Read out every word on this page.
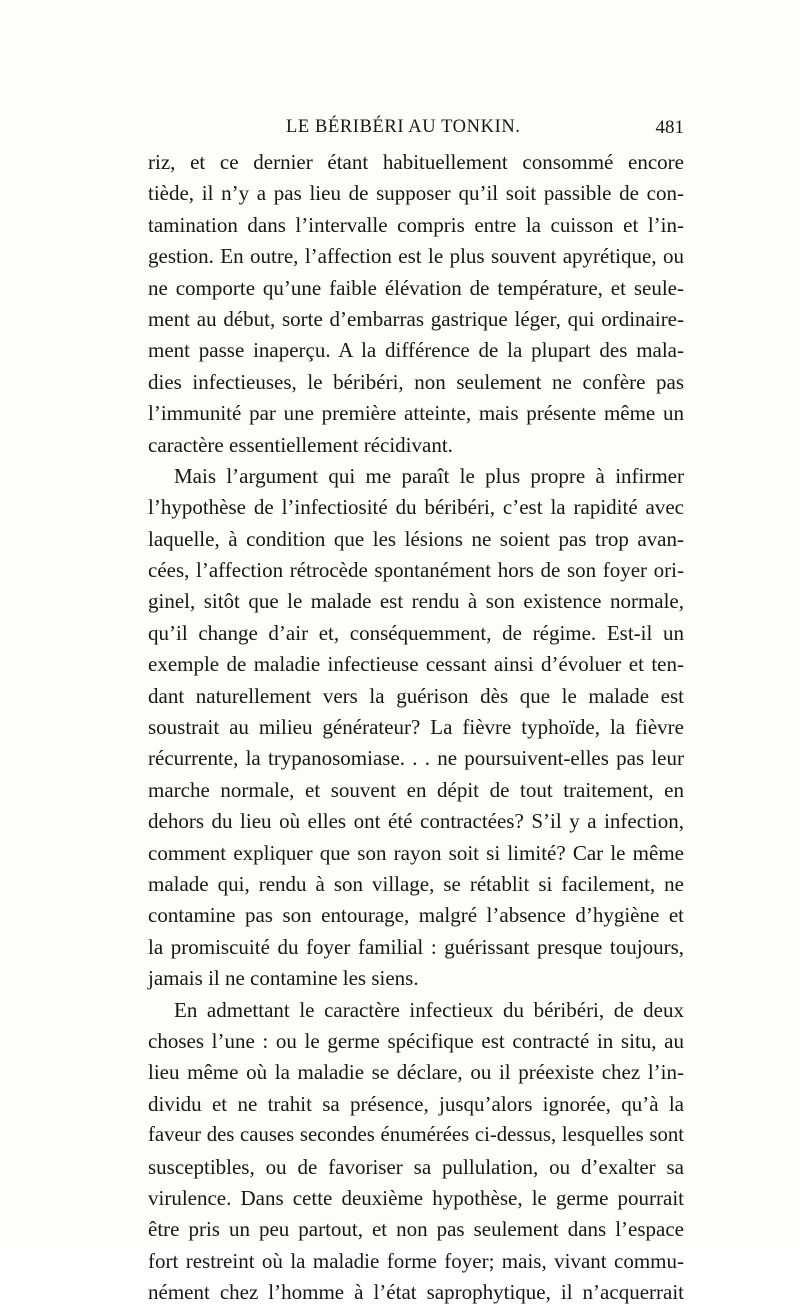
LE BÉRIBÉRI AU TONKIN.	481
riz, et ce dernier étant habituellement consommé encore
tiède, il n’y a pas lieu de supposer qu’il soit passible de con-
tamination dans l’intervalle compris entre la cuisson et l’in-
gestion. En outre, l’affection est le plus souvent apyrétique, ou
ne comporte qu’une faible élévation de température, et seule-
ment au début, sorte d’embarras gastrique léger, qui ordinaire-
ment passe inaperçu. A la différence de la plupart des mala-
dies infectieuses, le béribéri, non seulement ne confère pas
l’immunité par une première atteinte, mais présente même un
caractère essentiellement récidivant.
Mais l’argument qui me paraît le plus propre à infirmer
l’hypothèse de l’infectiosité du béribéri, c’est la rapidité avec
laquelle, à condition que les lésions ne soient pas trop avan-
cées, l’affection rétrocède spontanément hors de son foyer ori-
ginel, sitôt que le malade est rendu à son existence normale,
qu’il change d’air et, conséquemment, de régime. Est-il un
exemple de maladie infectieuse cessant ainsi d’évoluer et ten-
dant naturellement vers la guérison dès que le malade est
soustrait au milieu générateur? La fièvre typhoïde, la fièvre
récurrente, la trypanosomiase. . . ne poursuivent-elles pas leur
marche normale, et souvent en dépit de tout traitement, en
dehors du lieu où elles ont été contractées? S’il y a infection,
comment expliquer que son rayon soit si limité? Car le même
malade qui, rendu à son village, se rétablit si facilement, ne
contamine pas son entourage, malgré l’absence d’hygiène et
la promiscuité du foyer familial : guérissant presque toujours,
jamais il ne contamine les siens.
En admettant le caractère infectieux du béribéri, de deux
choses l’une : ou le germe spécifique est contracté in situ, au
lieu même où la maladie se déclare, ou il préexiste chez l’in-
dividu et ne trahit sa présence, jusqu’alors ignorée, qu’à la
faveur des causes secondes énumérées ci-dessus, lesquelles sont
susceptibles, ou de favoriser sa pullulation, ou d’exalter sa
virulence. Dans cette deuxième hypothèse, le germe pourrait
être pris un peu partout, et non pas seulement dans l’espace
fort restreint où la maladie forme foyer; mais, vivant commu-
nément chez l’homme à l’état saprophytique, il n’acquerrait
